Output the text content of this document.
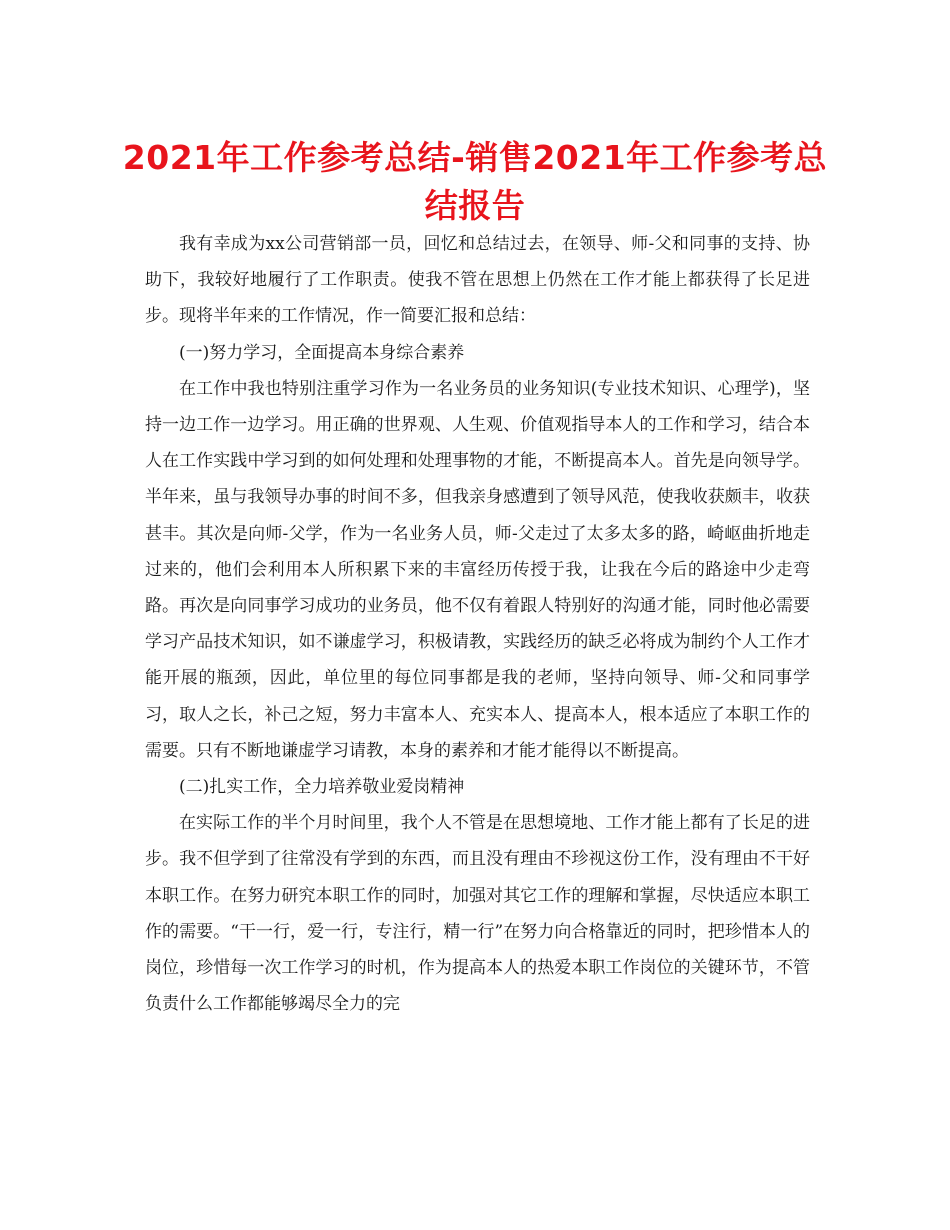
2021年工作参考总结-销售2021年工作参考总结报告

我有幸成为xx公司营销部一员，回忆和总结过去，在领导、师-父和同事的支持、协助下，我较好地履行了工作职责。使我不管在思想上仍然在工作才能上都获得了长足进步。现将半年来的工作情况，作一简要汇报和总结：

(一)努力学习，全面提高本身综合素养

在工作中我也特别注重学习作为一名业务员的业务知识(专业技术知识、心理学)，坚持一边工作一边学习。用正确的世界观、人生观、价值观指导本人的工作和学习，结合本人在工作实践中学习到的如何处理和处理事物的才能，不断提高本人。首先是向领导学。半年来，虽与我领导办事的时间不多，但我亲身感遭到了领导风范，使我收获颇丰，收获甚丰。其次是向师-父学，作为一名业务人员，师-父走过了太多太多的路，崎岖曲折地走过来的，他们会利用本人所积累下来的丰富经历传授于我，让我在今后的路途中少走弯路。再次是向同事学习成功的业务员，他不仅有着跟人特别好的沟通才能，同时他必需要学习产品技术知识，如不谦虚学习，积极请教，实践经历的缺乏必将成为制约个人工作才能开展的瓶颈，因此，单位里的每位同事都是我的老师，坚持向领导、师-父和同事学习，取人之长，补己之短，努力丰富本人、充实本人、提高本人，根本适应了本职工作的需要。只有不断地谦虚学习请教，本身的素养和才能才能得以不断提高。

(二)扎实工作，全力培养敬业爱岗精神

在实际工作的半个月时间里，我个人不管是在思想境地、工作才能上都有了长足的进步。我不但学到了往常没有学到的东西，而且没有理由不珍视这份工作，没有理由不干好本职工作。在努力研究本职工作的同时，加强对其它工作的理解和掌握，尽快适应本职工作的需要。“干一行，爱一行，专注行，精一行”在努力向合格靠近的同时，把珍惜本人的岗位，珍惜每一次工作学习的时机，作为提高本人的热爱本职工作岗位的关键环节，不管负责什么工作都能够竭尽全力的完
